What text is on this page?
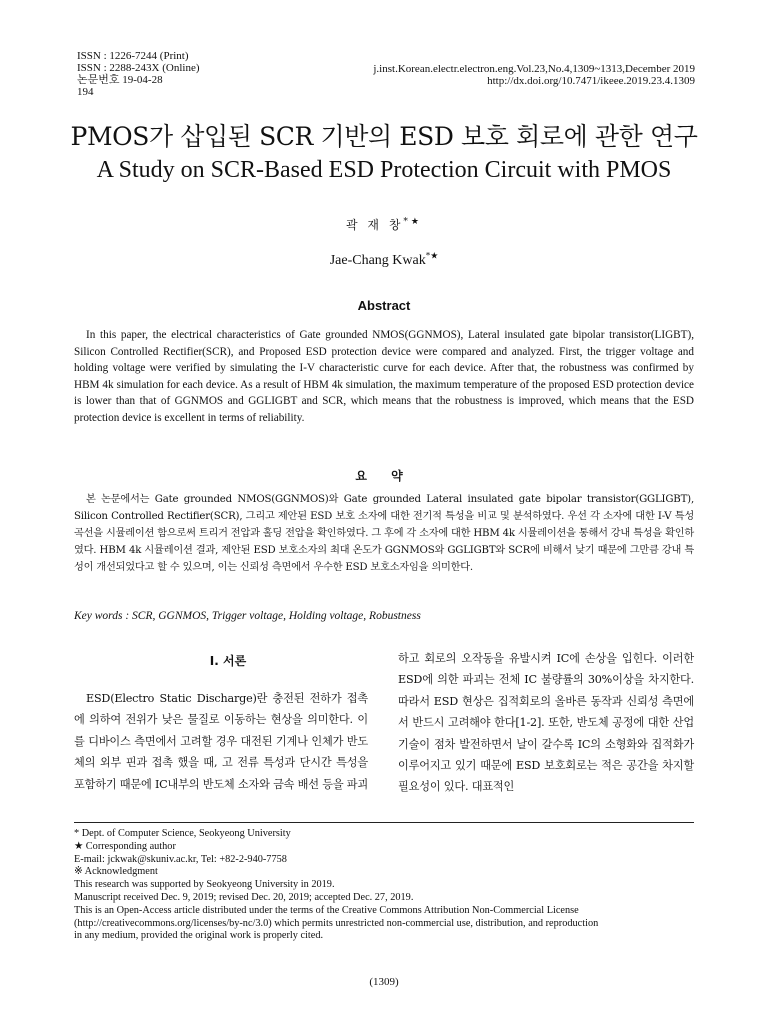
ISSN : 1226-7244 (Print)
ISSN : 2288-243X (Online)
논문번호 19-04-28
194
j.inst.Korean.electr.electron.eng.Vol.23,No.4,1309~1313,December 2019
http://dx.doi.org/10.7471/ikeee.2019.23.4.1309
PMOS가 삽입된 SCR 기반의 ESD 보호 회로에 관한 연구
A Study on SCR-Based ESD Protection Circuit with PMOS
곽 재 창*★
Jae-Chang Kwak*★
Abstract
In this paper, the electrical characteristics of Gate grounded NMOS(GGNMOS), Lateral insulated gate bipolar transistor(LIGBT), Silicon Controlled Rectifier(SCR), and Proposed ESD protection device were compared and analyzed. First, the trigger voltage and holding voltage were verified by simulating the I-V characteristic curve for each device. After that, the robustness was confirmed by HBM 4k simulation for each device. As a result of HBM 4k simulation, the maximum temperature of the proposed ESD protection device is lower than that of GGNMOS and GGLIGBT and SCR, which means that the robustness is improved, which means that the ESD protection device is excellent in terms of reliability.
요 약
본 논문에서는 Gate grounded NMOS(GGNMOS)와 Gate grounded Lateral insulated gate bipolar transistor(GGLIGBT), Silicon Controlled Rectifier(SCR), 그리고 제안된 ESD 보호 소자에 대한 전기적 특성을 비교 및 분석하였다. 우선 각 소자에 대한 I-V 특성 곡선을 시뮬레이션 함으로써 트리거 전압과 홀딩 전압을 확인하였다. 그 후에 각 소자에 대한 HBM 4k 시뮬레이션을 통해서 강내 특성을 확인하였다. HBM 4k 시뮬레이션 결과, 제안된 ESD 보호소자의 최대 온도가 GGNMOS와 GGLIGBT와 SCR에 비해서 낮기 때문에 그만큼 강내 특성이 개선되었다고 할 수 있으며, 이는 신뢰성 측면에서 우수한 ESD 보호소자임을 의미한다.
Key words : SCR, GGNMOS, Trigger voltage, Holding voltage, Robustness
Ⅰ. 서론
ESD(Electro Static Discharge)란 충전된 전하가 접촉에 의하여 전위가 낮은 물질로 이동하는 현상을 의미한다. 이를 디바이스 측면에서 고려할 경우 대전된 기계나 인체가 반도체의 외부 핀과 접촉 했을 때, 고 전류 특성과 단시간 특성을 포함하기 때문에 IC내부의 반도체 소자와 금속 배선 등을 파괴
하고 회로의 오작동을 유발시켜 IC에 손상을 입힌다. 이러한 ESD에 의한 파괴는 전체 IC 불량률의 30%이상을 차지한다. 따라서 ESD 현상은 집적회로의 올바른 동작과 신뢰성 측면에서 반드시 고려해야 한다[1-2]. 또한, 반도체 공정에 대한 산업 기술이 점차 발전하면서 날이 갈수록 IC의 소형화와 집적화가 이루어지고 있기 때문에 ESD 보호회로는 적은 공간을 차지할 필요성이 있다. 대표적인
* Dept. of Computer Science, Seokyeong University
★ Corresponding author
E-mail: jckwak@skuniv.ac.kr, Tel: +82-2-940-7758
※ Acknowledgment
This research was supported by Seokyeong University in 2019.
Manuscript received Dec. 9, 2019; revised Dec. 20, 2019; accepted Dec. 27, 2019.
This is an Open-Access article distributed under the terms of the Creative Commons Attribution Non-Commercial License
(http://creativecommons.org/licenses/by-nc/3.0) which permits unrestricted non-commercial use, distribution, and reproduction
in any medium, provided the original work is properly cited.
(1309)
